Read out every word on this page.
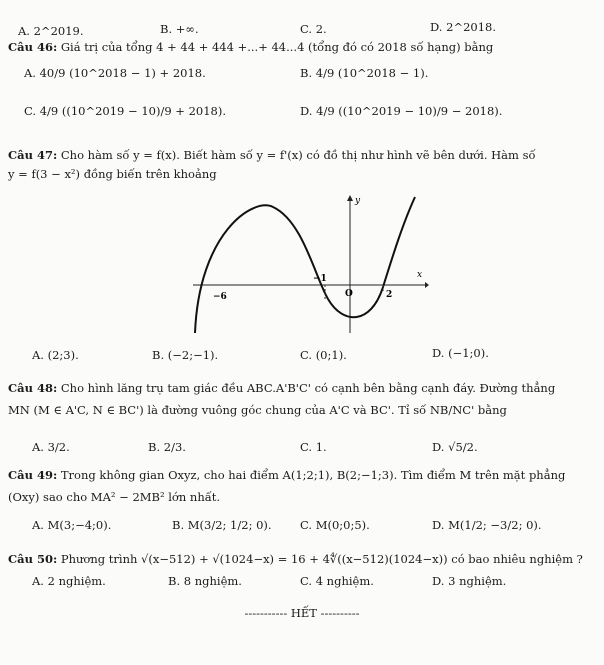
A. 2^2019.	B. +∞.	C. 2.	D. 2^2018.
Câu 46: Giá trị của tổng 4 + 44 + 444 +...+ 44...4 (tổng đó có 2018 số hạng) bằng
A. 40/9 (10^2018 − 1) + 2018.	B. 4/9 (10^2018 − 1).
C. 4/9 ((10^2019 − 10)/9 + 2018).	D. 4/9 ((10^2019 − 10)/9 − 2018).
Câu 47: Cho hàm số y = f(x). Biết hàm số y = f'(x) có đồ thị như hình vẽ bên dưới. Hàm số
y = f(3 − x²) đồng biến trên khoảng
y
x
O
−6
−1
2
A. (2;3).	B. (−2;−1).	C. (0;1).	D. (−1;0).
Câu 48: Cho hình lăng trụ tam giác đều ABC.A'B'C' có cạnh bên bằng cạnh đáy. Đường thẳng
MN (M ∈ A'C, N ∈ BC') là đường vuông góc chung của A'C và BC'. Tỉ số NB/NC' bằng
A. 3/2.	B. 2/3.	C. 1.	D. √5/2.
Câu 49: Trong không gian Oxyz, cho hai điểm A(1;2;1), B(2;−1;3). Tìm điểm M trên mặt phẳng
(Oxy) sao cho MA² − 2MB² lớn nhất.
A. M(3;−4;0).	B. M(3/2; 1/2; 0). C. M(0;0;5).	D. M(1/2; −3/2; 0).
Câu 50: Phương trình √(x−512) + √(1024−x) = 16 + 4∜((x−512)(1024−x)) có bao nhiêu nghiệm ?
A. 2 nghiệm.	B. 8 nghiệm.	C. 4 nghiệm.	D. 3 nghiệm.
----------- HẾT ----------
